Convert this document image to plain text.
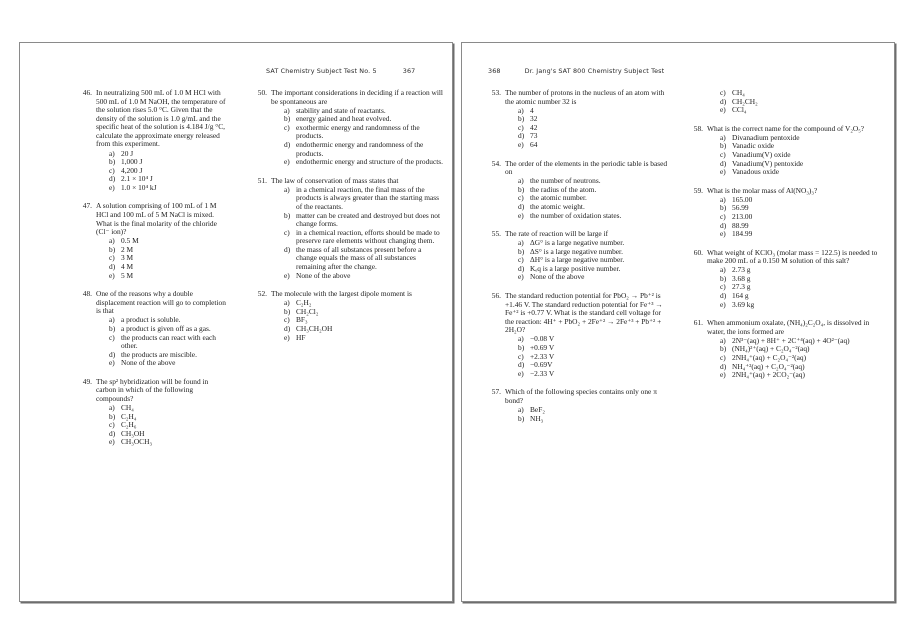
SAT Chemistry Subject Test No. 5	367
46. In neutralizing 500 mL of 1.0 M HCl with 500 mL of 1.0 M NaOH, the temperature of the solution rises 5.0 °C. Given that the density of the solution is 1.0 g/mL and the specific heat of the solution is 4.184 J/g °C, calculate the approximate energy released from this experiment.

a) 20 J
b) 1,000 J
c) 4,200 J
d) 2.1 × 10⁴ J
e) 1.0 × 10⁴ kJ
47. A solution comprising of 100 mL of 1 M HCl and 100 mL of 5 M NaCl is mixed. What is the final molarity of the chloride (Cl⁻ ion)?

a) 0.5 M
b) 2 M
c) 3 M
d) 4 M
e) 5 M
48. One of the reasons why a double displacement reaction will go to completion is that

a) a product is soluble.
b) a product is given off as a gas.
c) the products can react with each other.
d) the products are miscible.
e) None of the above
49. The sp² hybridization will be found in carbon in which of the following compounds?

a) CH₄
b) C₂H₄
c) C₂H₆
d) CH₃OH
e) CH₃OCH₃
50. The important considerations in deciding if a reaction will be spontaneous are

a) stability and state of reactants.
b) energy gained and heat evolved.
c) exothermic energy and randomness of the products.
d) endothermic energy and randomness of the products.
e) endothermic energy and structure of the products.
51. The law of conservation of mass states that

a) in a chemical reaction, the final mass of the products is always greater than the starting mass of the reactants.
b) matter can be created and destroyed but does not change forms.
c) in a chemical reaction, efforts should be made to preserve rare elements without changing them.
d) the mass of all substances present before a change equals the mass of all substances remaining after the change.
e) None of the above
52. The molecule with the largest dipole moment is

a) C₂H₂
b) CH₂Cl₂
c) BF₃
d) CH₃CH₂OH
e) HF
368	Dr. Jang's SAT 800 Chemistry Subject Test
53. The number of protons in the nucleus of an atom with the atomic number 32 is

a) 4
b) 32
c) 42
d) 73
e) 64
54. The order of the elements in the periodic table is based on

a) the number of neutrons.
b) the radius of the atom.
c) the atomic number.
d) the atomic weight.
e) the number of oxidation states.
55. The rate of reaction will be large if

a) ΔG° is a large negative number.
b) ΔS° is a large negative number.
c) ΔH° is a large negative number.
d) Kₑq is a large positive number.
e) None of the above
56. The standard reduction potential for PbO₂ → Pb⁺² is +1.46 V. The standard reduction potential for Fe⁺³ → Fe⁺² is +0.77 V. What is the standard cell voltage for the reaction: 4H⁺ + PbO₂ + 2Fe⁺² → 2Fe⁺³ + Pb⁺² + 2H₂O?

a) −0.08 V
b) +0.69 V
c) +2.33 V
d) −0.69V
e) −2.33 V
57. Which of the following species contains only one π bond?

a) BeF₂
b) NH₃
c) CH₄
d) CH₂CH₂
e) CCl₄
58. What is the correct name for the compound of V₂O₅?

a) Divanadium pentoxide
b) Vanadic oxide
c) Vanadium(V) oxide
d) Vanadium(V) pentoxide
e) Vanadous oxide
59. What is the molar mass of Al(NO₃)₃?

a) 165.00
b) 56.99
c) 213.00
d) 88.99
e) 184.99
60. What weight of KClO₃ (molar mass = 122.5) is needed to make 200 mL of a 0.150 M solution of this salt?

a) 2.73 g
b) 3.68 g
c) 27.3 g
d) 164 g
e) 3.69 kg
61. When ammonium oxalate, (NH₄)₂C₂O₄, is dissolved in water, the ions formed are

a) 2N³⁻(aq) + 8H⁺ + 2C⁺⁴(aq) + 4O²⁻(aq)
b) (NH₄)²⁺(aq) + C₂O₄⁻²(aq)
c) 2NH₄⁺(aq) + C₂O₄⁻²(aq)
d) NH₄⁺²(aq) + C₂O₄⁻²(aq)
e) 2NH₄⁺(aq) + 2CO₂⁻(aq)
